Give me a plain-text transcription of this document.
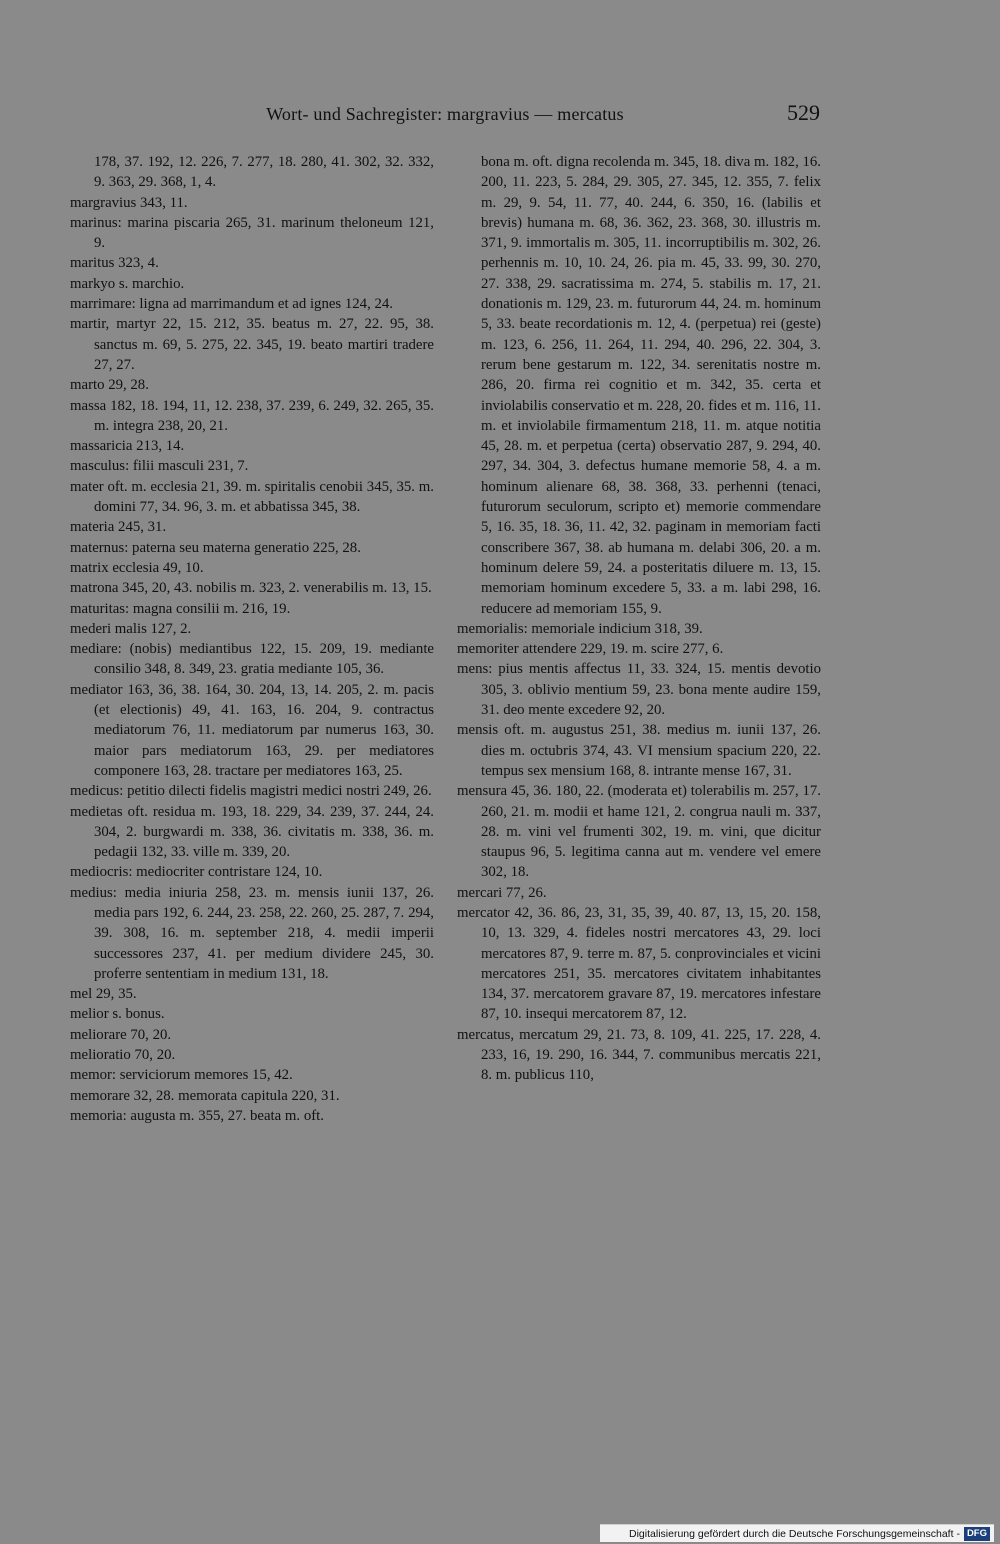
Wort- und Sachregister: margravius — mercatus	529

178, 37. 192, 12. 226, 7. 277, 18. 280, 41. 302, 32. 332, 9. 363, 29. 368, 1, 4.

margravius 343, 11.

marinus: marina piscaria 265, 31. marinum theloneum 121, 9.

maritus 323, 4.

markyo s. marchio.

marrimare: ligna ad marrimandum et ad ignes 124, 24.

martir, martyr 22, 15. 212, 35. beatus m. 27, 22. 95, 38. sanctus m. 69, 5. 275, 22. 345, 19. beato martiri tradere 27, 27.

marto 29, 28.

massa 182, 18. 194, 11, 12. 238, 37. 239, 6. 249, 32. 265, 35. m. integra 238, 20, 21.

massaricia 213, 14.

masculus: filii masculi 231, 7.

mater oft. m. ecclesia 21, 39. m. spiritalis cenobii 345, 35. m. domini 77, 34. 96, 3. m. et abbatissa 345, 38.

materia 245, 31.

maternus: paterna seu materna generatio 225, 28.

matrix ecclesia 49, 10.

matrona 345, 20, 43. nobilis m. 323, 2. venerabilis m. 13, 15.

maturitas: magna consilii m. 216, 19.

mederi malis 127, 2.

mediare: (nobis) mediantibus 122, 15. 209, 19. mediante consilio 348, 8. 349, 23. gratia mediante 105, 36.

mediator 163, 36, 38. 164, 30. 204, 13, 14. 205, 2. m. pacis (et electionis) 49, 41. 163, 16. 204, 9. contractus mediatorum 76, 11. mediatorum par numerus 163, 30. maior pars mediatorum 163, 29. per mediatores componere 163, 28. tractare per mediatores 163, 25.

medicus: petitio dilecti fidelis magistri medici nostri 249, 26.

medietas oft. residua m. 193, 18. 229, 34. 239, 37. 244, 24. 304, 2. burgwardi m. 338, 36. civitatis m. 338, 36. m. pedagii 132, 33. ville m. 339, 20.

mediocris: mediocriter contristare 124, 10.

medius: media iniuria 258, 23. m. mensis iunii 137, 26. media pars 192, 6. 244, 23. 258, 22. 260, 25. 287, 7. 294, 39. 308, 16. m. september 218, 4. medii imperii successores 237, 41. per medium dividere 245, 30. proferre sententiam in medium 131, 18.

mel 29, 35.

melior s. bonus.

meliorare 70, 20.

melioratio 70, 20.

memor: serviciorum memores 15, 42.

memorare 32, 28. memorata capitula 220, 31.

memoria: augusta m. 355, 27. beata m. oft.

bona m. oft. digna recolenda m. 345, 18. diva m. 182, 16. 200, 11. 223, 5. 284, 29. 305, 27. 345, 12. 355, 7. felix m. 29, 9. 54, 11. 77, 40. 244, 6. 350, 16. (labilis et brevis) humana m. 68, 36. 362, 23. 368, 30. illustris m. 371, 9. immortalis m. 305, 11. incorruptibilis m. 302, 26. perhennis m. 10, 10. 24, 26. pia m. 45, 33. 99, 30. 270, 27. 338, 29. sacratissima m. 274, 5. stabilis m. 17, 21. donationis m. 129, 23. m. futurorum 44, 24. m. hominum 5, 33. beate recordationis m. 12, 4. (perpetua) rei (geste) m. 123, 6. 256, 11. 264, 11. 294, 40. 296, 22. 304, 3. rerum bene gestarum m. 122, 34. serenitatis nostre m. 286, 20. firma rei cognitio et m. 342, 35. certa et inviolabilis conservatio et m. 228, 20. fides et m. 116, 11. m. et inviolabile firmamentum 218, 11. m. atque notitia 45, 28. m. et perpetua (certa) observatio 287, 9. 294, 40. 297, 34. 304, 3. defectus humane memorie 58, 4. a m. hominum alienare 68, 38. 368, 33. perhenni (tenaci, futurorum seculorum, scripto et) memorie commendare 5, 16. 35, 18. 36, 11. 42, 32. paginam in memoriam facti conscribere 367, 38. ab humana m. delabi 306, 20. a m. hominum delere 59, 24. a posteritatis diluere m. 13, 15. memoriam hominum excedere 5, 33. a m. labi 298, 16. reducere ad memoriam 155, 9.

memorialis: memoriale indicium 318, 39.

memoriter attendere 229, 19. m. scire 277, 6.

mens: pius mentis affectus 11, 33. 324, 15. mentis devotio 305, 3. oblivio mentium 59, 23. bona mente audire 159, 31. deo mente excedere 92, 20.

mensis oft. m. augustus 251, 38. medius m. iunii 137, 26. dies m. octubris 374, 43. VI mensium spacium 220, 22. tempus sex mensium 168, 8. intrante mense 167, 31.

mensura 45, 36. 180, 22. (moderata et) tolerabilis m. 257, 17. 260, 21. m. modii et hame 121, 2. congrua nauli m. 337, 28. m. vini vel frumenti 302, 19. m. vini, que dicitur staupus 96, 5. legitima canna aut m. vendere vel emere 302, 18.

mercari 77, 26.

mercator 42, 36. 86, 23, 31, 35, 39, 40. 87, 13, 15, 20. 158, 10, 13. 329, 4. fideles nostri mercatores 43, 29. loci mercatores 87, 9. terre m. 87, 5. conprovinciales et vicini mercatores 251, 35. mercatores civitatem inhabitantes 134, 37. mercatorem gravare 87, 19. mercatores infestare 87, 10. insequi mercatorem 87, 12.

mercatus, mercatum 29, 21. 73, 8. 109, 41. 225, 17. 228, 4. 233, 16, 19. 290, 16. 344, 7. communibus mercatis 221, 8. m. publicus 110,

Digitalisierung gefördert durch die Deutsche Forschungsgemeinschaft - DFG
